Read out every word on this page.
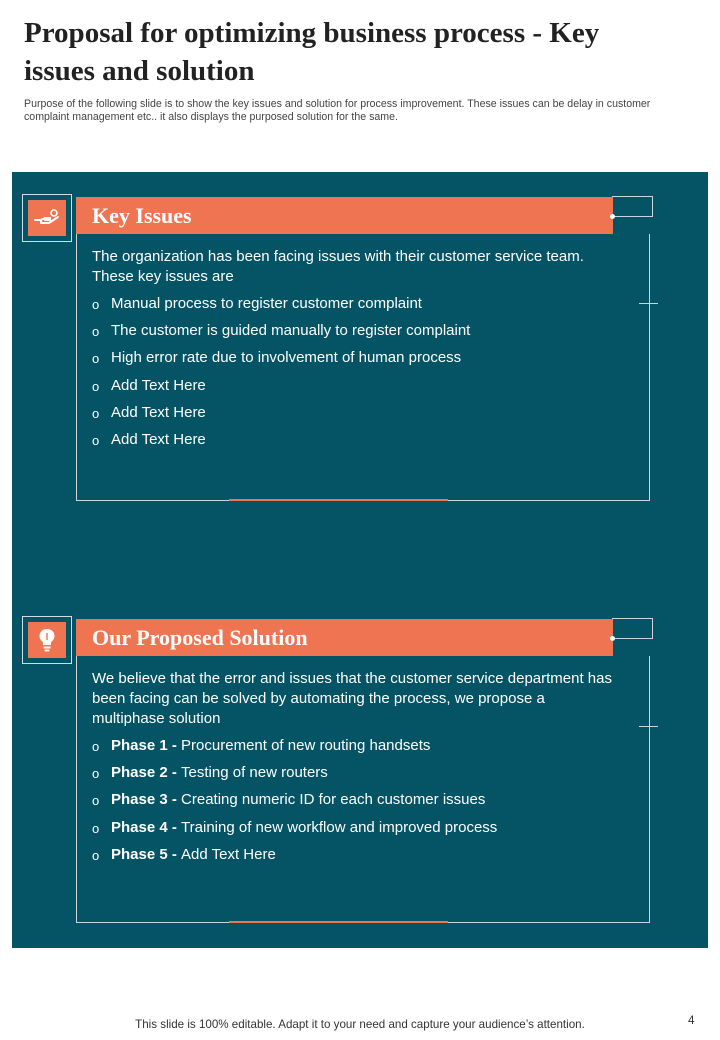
Proposal for optimizing business process - Key issues and solution
Purpose of the following slide is to show the key issues and solution for process improvement. These issues can be delay in customer complaint management etc.. it also displays the purposed solution for the same.
Key Issues
The organization has been facing issues with their customer service team. These key issues are
o Manual process to register customer complaint
o The customer is guided manually to register complaint
o High error rate due to involvement of human process
o Add Text Here
o Add Text Here
o Add Text Here
Our Proposed Solution
We believe that the error and issues that the customer service department has been facing can be solved by automating the process, we propose a multiphase solution
o Phase 1 - Procurement of new routing handsets
o Phase 2 - Testing of new routers
o Phase 3 - Creating numeric ID for each customer issues
o Phase 4 - Training of new workflow and improved process
o Phase 5 - Add Text Here
This slide is 100% editable. Adapt it to your need and capture your audience’s attention.	4
